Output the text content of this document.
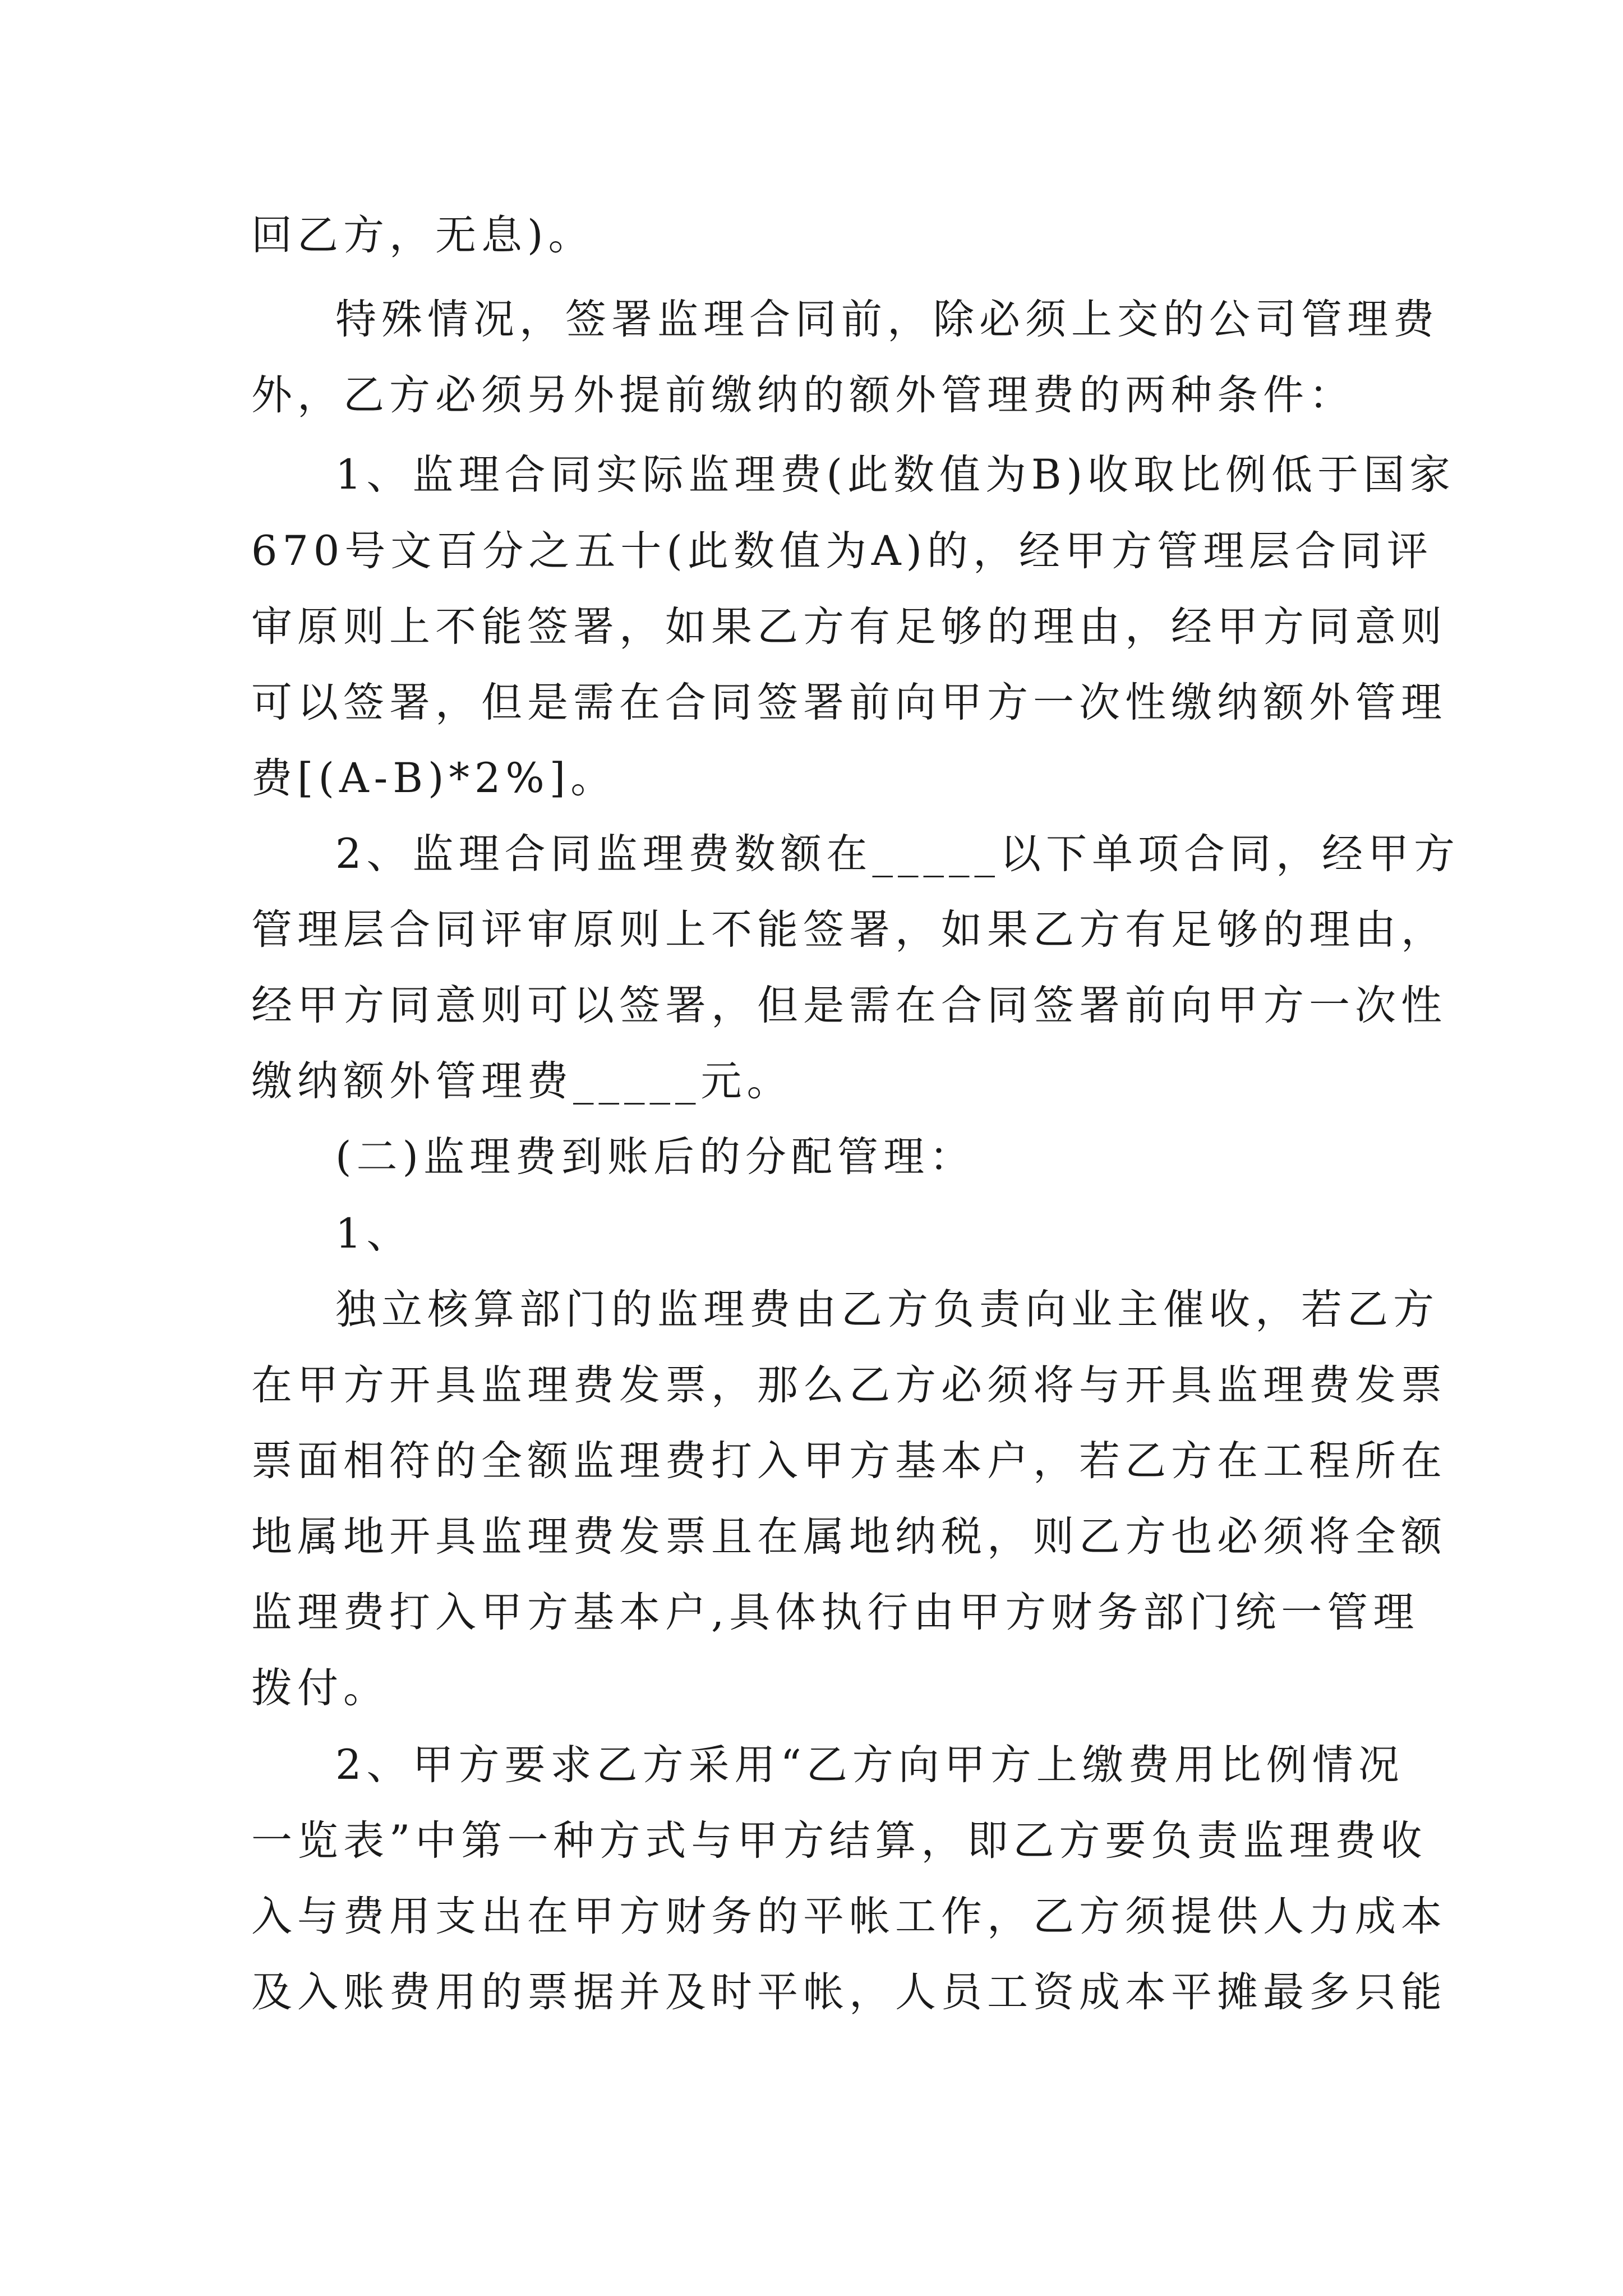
回乙方，无息)。
特殊情况，签署监理合同前，除必须上交的公司管理费
外，乙方必须另外提前缴纳的额外管理费的两种条件：
1、监理合同实际监理费(此数值为B)收取比例低于国家
670号文百分之五十(此数值为A)的，经甲方管理层合同评
审原则上不能签署，如果乙方有足够的理由，经甲方同意则
可以签署，但是需在合同签署前向甲方一次性缴纳额外管理
费[(A-B)*2%]。
2、监理合同监理费数额在_____以下单项合同，经甲方
管理层合同评审原则上不能签署，如果乙方有足够的理由，
经甲方同意则可以签署，但是需在合同签署前向甲方一次性
缴纳额外管理费_____元。
(二)监理费到账后的分配管理：
1、
独立核算部门的监理费由乙方负责向业主催收，若乙方
在甲方开具监理费发票，那么乙方必须将与开具监理费发票
票面相符的全额监理费打入甲方基本户，若乙方在工程所在
地属地开具监理费发票且在属地纳税，则乙方也必须将全额
监理费打入甲方基本户,具体执行由甲方财务部门统一管理
拨付。
2、甲方要求乙方采用“乙方向甲方上缴费用比例情况
一览表”中第一种方式与甲方结算，即乙方要负责监理费收
入与费用支出在甲方财务的平帐工作，乙方须提供人力成本
及入账费用的票据并及时平帐，人员工资成本平摊最多只能
